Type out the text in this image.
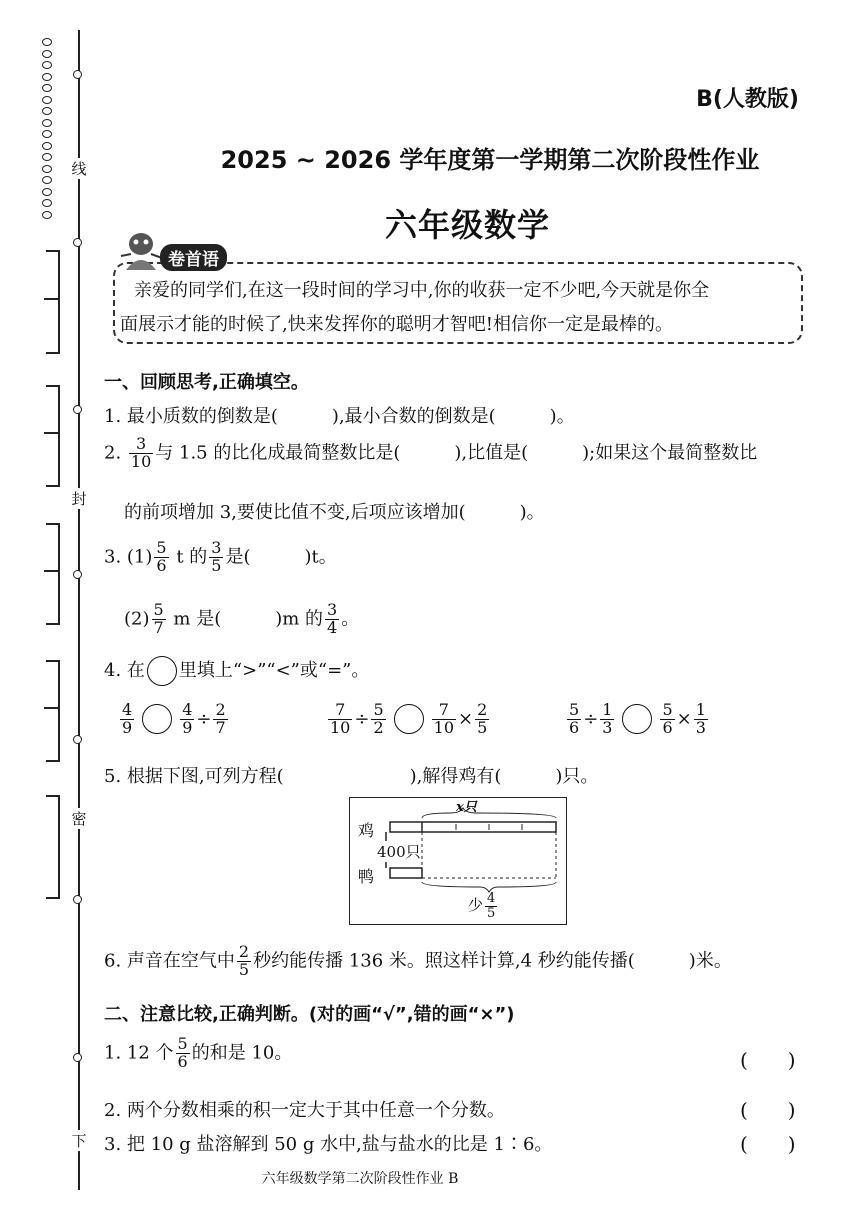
线
封
密
下
B(人教版)
2025 ~ 2026 学年度第一学期第二次阶段性作业
六年级数学
卷首语
亲爱的同学们,在这一段时间的学习中,你的收获一定不少吧,今天就是你全
面展示才能的时候了,快来发挥你的聪明才智吧!相信你一定是最棒的。
一、回顾思考,正确填空。
1. 最小质数的倒数是(　　　),最小合数的倒数是(　　　)。
2. $\frac{3}{10}$ 与 1.5 的比化成最简整数比是(　　　),比值是(　　　);如果这个最简整数比
的前项增加 3,要使比值不变,后项应该增加(　　　)。
3. $(1) \frac{5}{6}$ t 的 $\frac{3}{5}$ 是(　　　)t。
$(2) \frac{5}{7}$ m 是(　　　)m 的 $\frac{3}{4}$ 。
4. 在 里填上“>”“<”或“=”。
$\frac{4}{9}$	$\frac{4}{9} \div \frac{2}{7}$	$\frac{7}{10} \div \frac{5}{2}$	$\frac{7}{10} \times \frac{2}{5}$	$\frac{5}{6} \div \frac{1}{3}$	$\frac{5}{6} \times \frac{1}{3}$
5. 根据下图,可列方程(　　　　　　　),解得鸡有(　　　)只。
x只
鸡
400只
鸭
少 $\frac{4}{5}$
6. 声音在空气中 $\frac{2}{5}$ 秒约能传播 136 米。照这样计算,4 秒约能传播(　　　)米。
二、注意比较,正确判断。(对的画“√”,错的画“×”)
1. 12 个 $\frac{5}{6}$ 的和是 10。	(　　)
2. 两个分数相乘的积一定大于其中任意一个分数。	(　　)
3. 把 10 g 盐溶解到 50 g 水中,盐与盐水的比是 1∶6。	(　　)
六年级数学第二次阶段性作业 B
